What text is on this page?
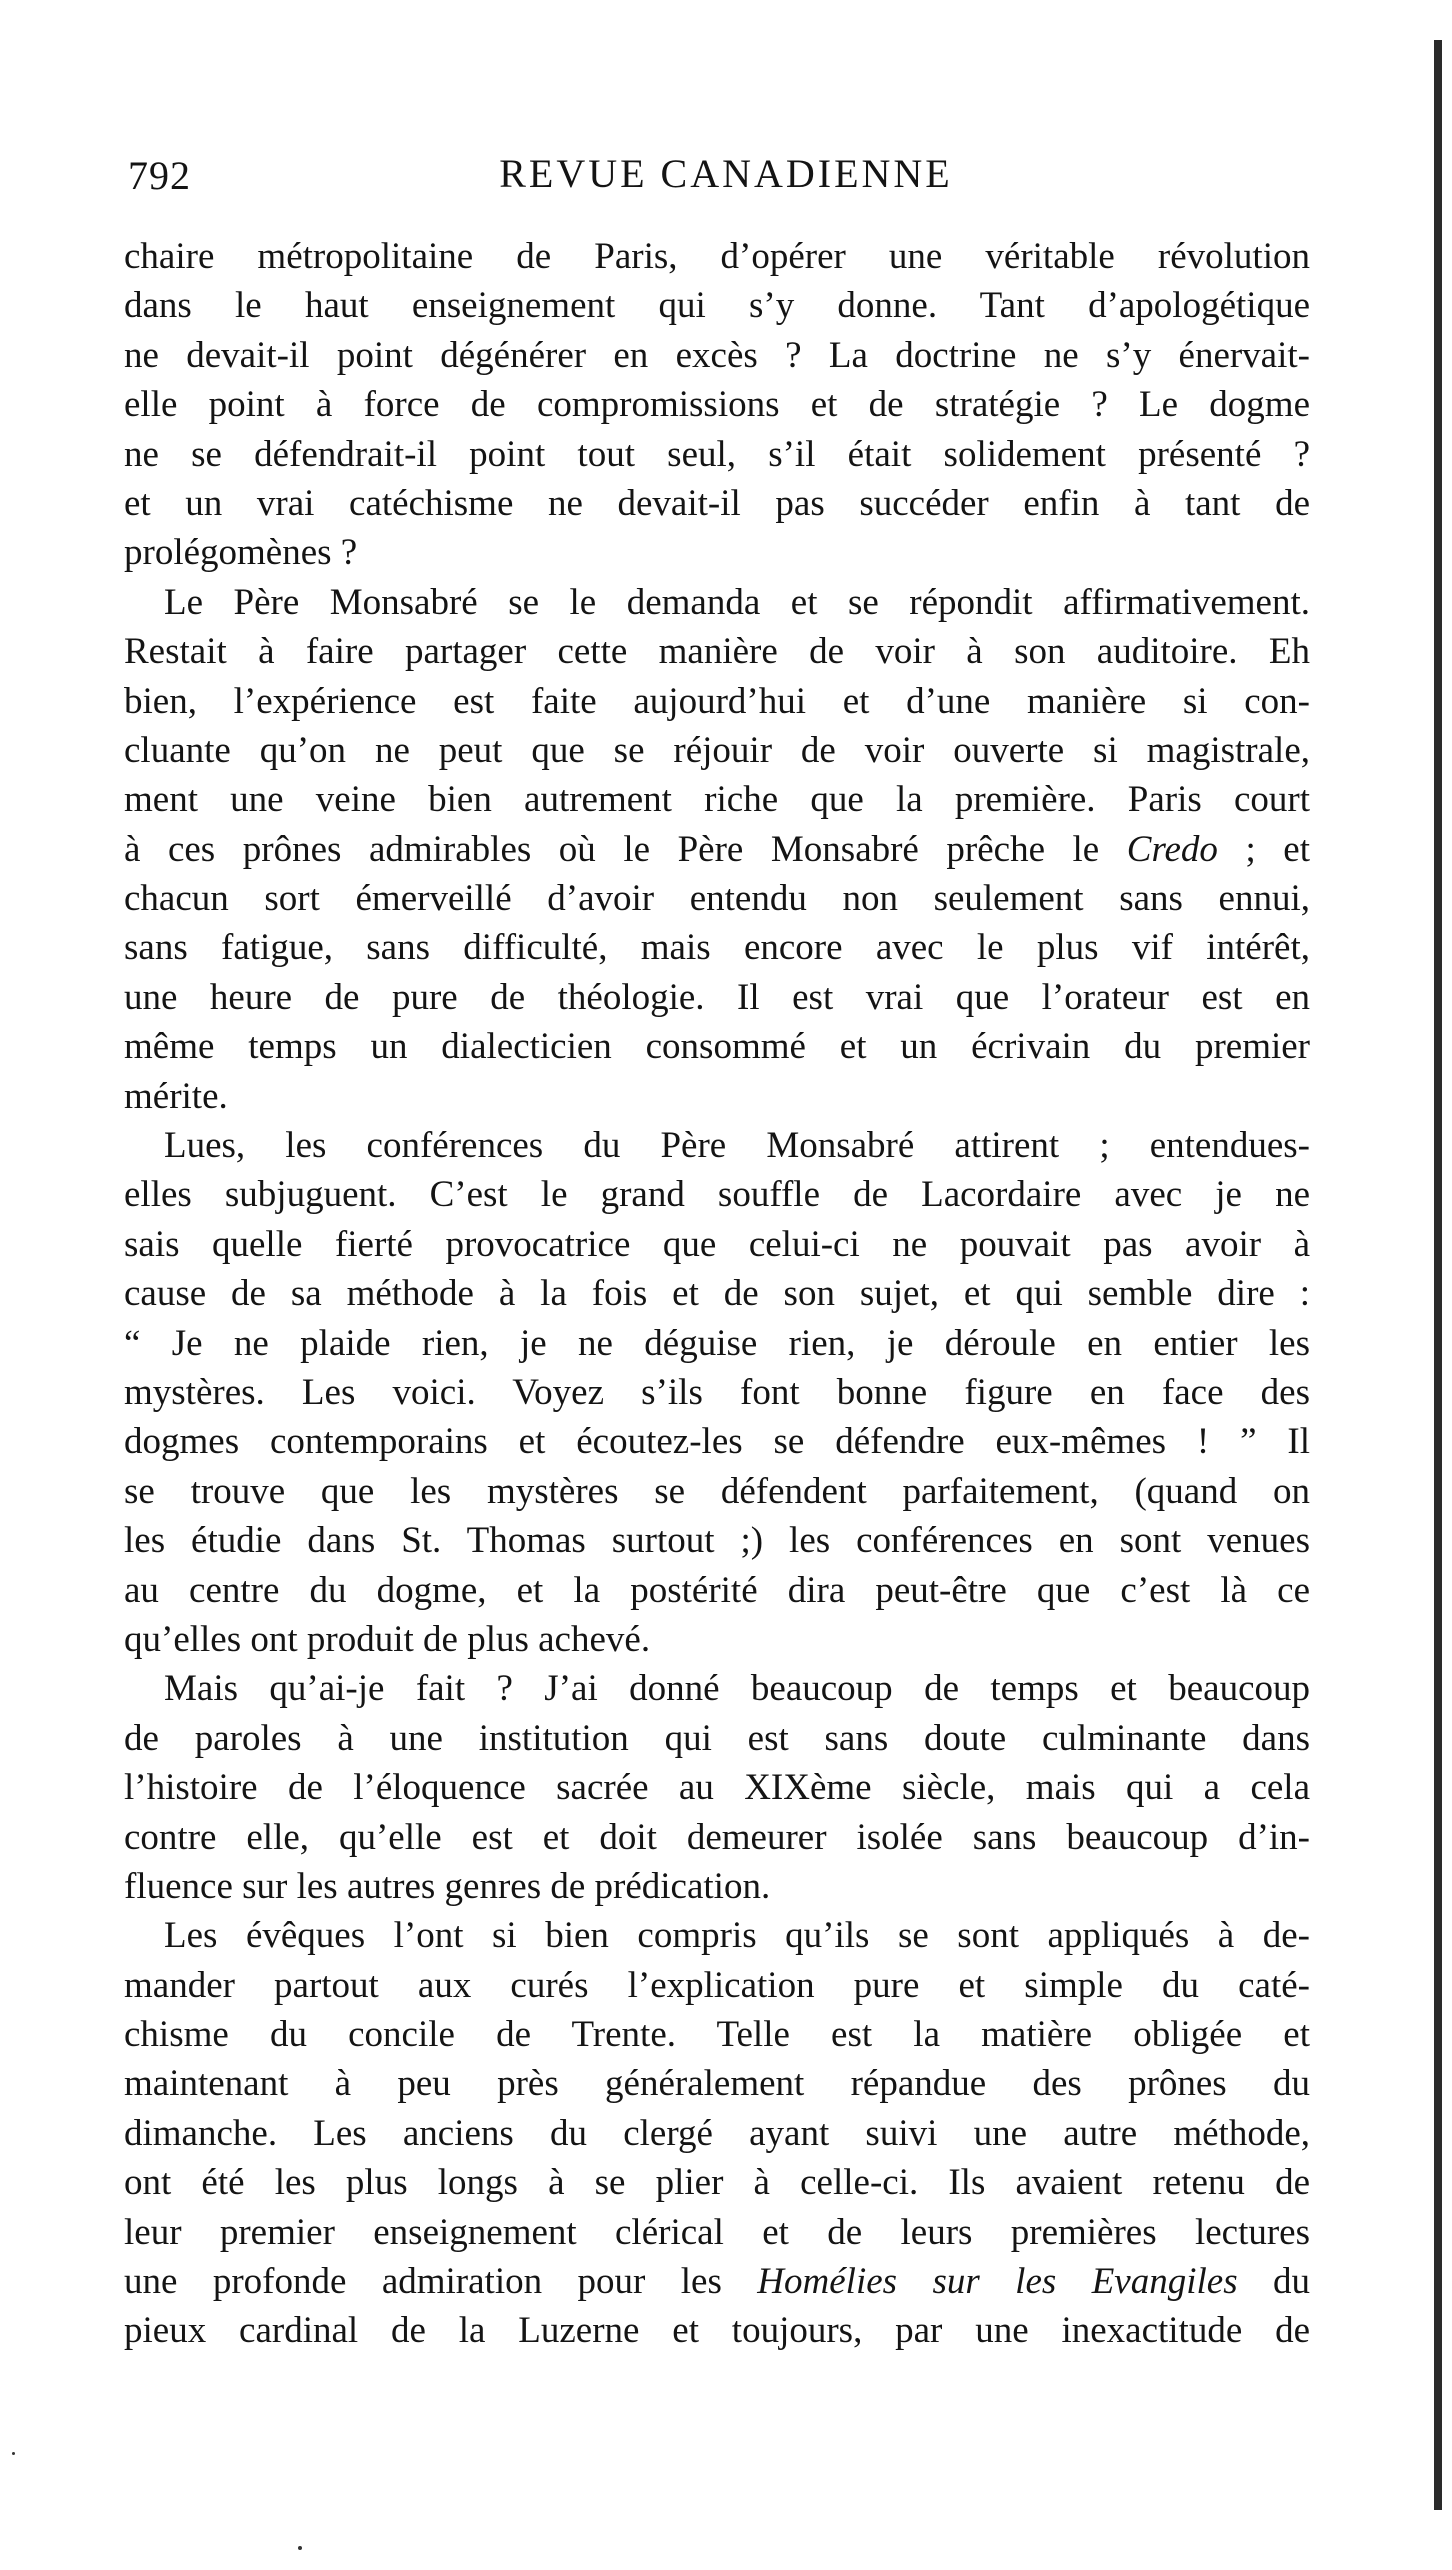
792	REVUE CANADIENNE
chaire métropolitaine de Paris, d’opérer une véritable révolution
dans le haut enseignement qui s’y donne. Tant d’apologétique
ne devait-il point dégénérer en excès ? La doctrine ne s’y énervait-
elle point à force de compromissions et de stratégie ? Le dogme
ne se défendrait-il point tout seul, s’il était solidement présenté ?
et un vrai catéchisme ne devait-il pas succéder enfin à tant de
prolégomènes ?
Le Père Monsabré se le demanda et se répondit affirmativement.
Restait à faire partager cette manière de voir à son auditoire. Eh
bien, l’expérience est faite aujourd’hui et d’une manière si con-
cluante qu’on ne peut que se réjouir de voir ouverte si magistrale,
ment une veine bien autrement riche que la première. Paris court
à ces prônes admirables où le Père Monsabré prêche le Credo ; et
chacun sort émerveillé d’avoir entendu non seulement sans ennui,
sans fatigue, sans difficulté, mais encore avec le plus vif intérêt,
une heure de pure de théologie. Il est vrai que l’orateur est en
même temps un dialecticien consommé et un écrivain du premier
mérite.
Lues, les conférences du Père Monsabré attirent ; entendues-
elles subjuguent. C’est le grand souffle de Lacordaire avec je ne
sais quelle fierté provocatrice que celui-ci ne pouvait pas avoir à
cause de sa méthode à la fois et de son sujet, et qui semble dire :
“ Je ne plaide rien, je ne déguise rien, je déroule en entier les
mystères. Les voici. Voyez s’ils font bonne figure en face des
dogmes contemporains et écoutez-les se défendre eux-mêmes ! ” Il
se trouve que les mystères se défendent parfaitement, (quand on
les étudie dans St. Thomas surtout ;) les conférences en sont venues
au centre du dogme, et la postérité dira peut-être que c’est là ce
qu’elles ont produit de plus achevé.
Mais qu’ai-je fait ? J’ai donné beaucoup de temps et beaucoup
de paroles à une institution qui est sans doute culminante dans
l’histoire de l’éloquence sacrée au XIXème siècle, mais qui a cela
contre elle, qu’elle est et doit demeurer isolée sans beaucoup d’in-
fluence sur les autres genres de prédication.
Les évêques l’ont si bien compris qu’ils se sont appliqués à de-
mander partout aux curés l’explication pure et simple du caté-
chisme du concile de Trente. Telle est la matière obligée et
maintenant à peu près généralement répandue des prônes du
dimanche. Les anciens du clergé ayant suivi une autre méthode,
ont été les plus longs à se plier à celle-ci. Ils avaient retenu de
leur premier enseignement clérical et de leurs premières lectures
une profonde admiration pour les Homélies sur les Evangiles du
pieux cardinal de la Luzerne et toujours, par une inexactitude de
